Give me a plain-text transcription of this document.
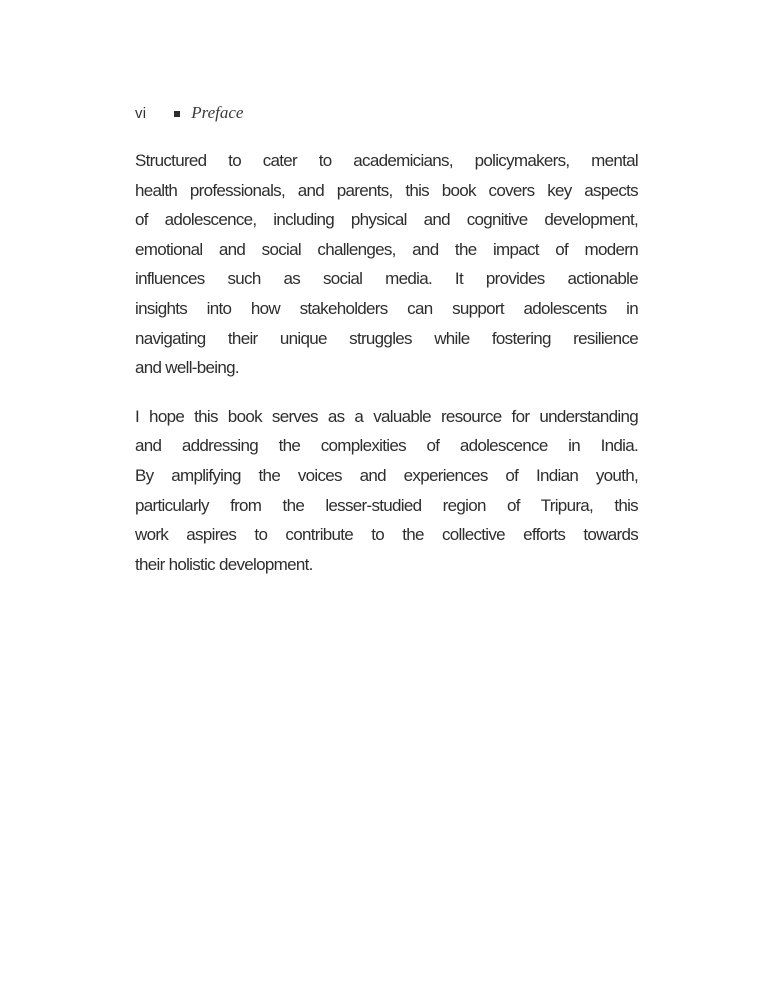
vi	Preface
Structured to cater to academicians, policymakers, mental
health professionals, and parents, this book covers key aspects
of adolescence, including physical and cognitive development,
emotional and social challenges, and the impact of modern
influences such as social media. It provides actionable
insights into how stakeholders can support adolescents in
navigating their unique struggles while fostering resilience
and well-being.
I hope this book serves as a valuable resource for understanding
and addressing the complexities of adolescence in India.
By amplifying the voices and experiences of Indian youth,
particularly from the lesser-studied region of Tripura, this
work aspires to contribute to the collective efforts towards
their holistic development.
